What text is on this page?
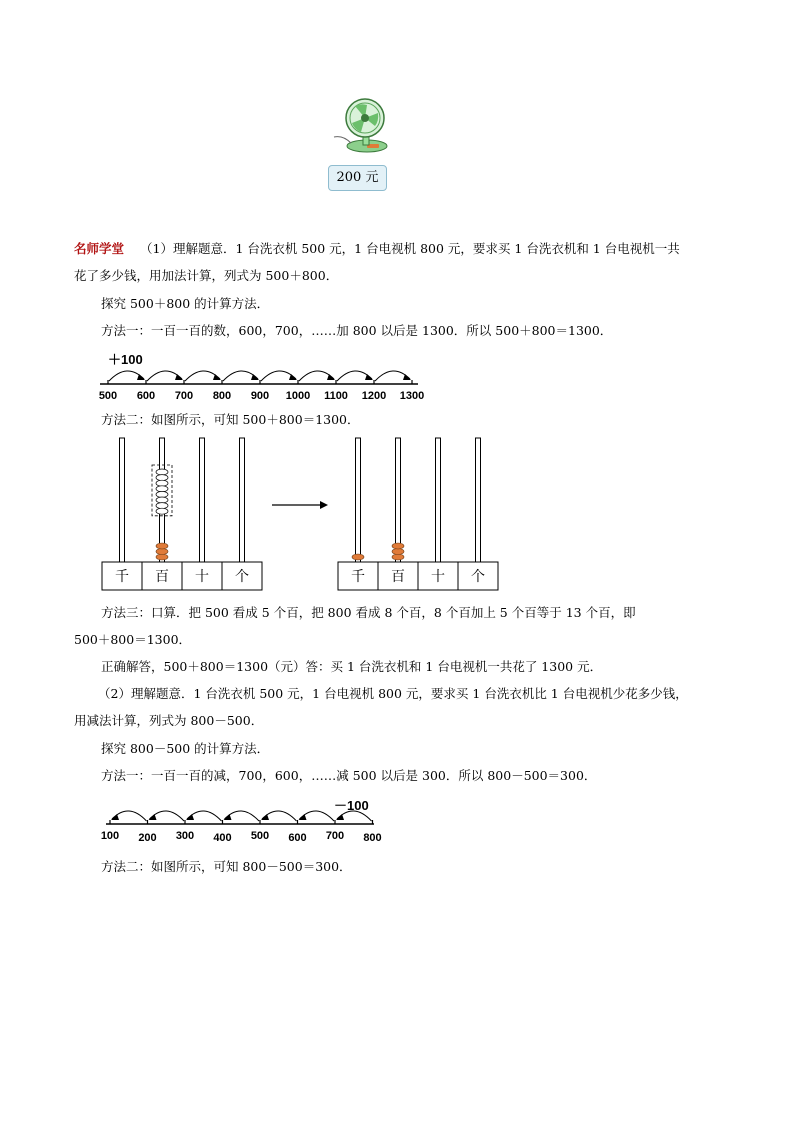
200 元
名师学堂 （1）理解题意．1 台洗衣机 500 元，1 台电视机 800 元，要求买 1 台洗衣机和 1 台电视机一共
花了多少钱，用加法计算，列式为 500＋800．
探究 500＋800 的计算方法．
方法一：一百一百的数，600，700，……加 800 以后是 1300．所以 500＋800＝1300．
500 600 700 800 900 1000 1100 1200 1300
＋100
方法二：如图所示，可知 500＋800＝1300．
千 百 十 个	千 百 十 个
方法三：口算．把 500 看成 5 个百，把 800 看成 8 个百，8 个百加上 5 个百等于 13 个百，即
500＋800＝1300．
正确解答，500＋800＝1300（元）答：买 1 台洗衣机和 1 台电视机一共花了 1300 元．
（2）理解题意．1 台洗衣机 500 元，1 台电视机 800 元，要求买 1 台洗衣机比 1 台电视机少花多少钱，
用减法计算，列式为 800－500．
探究 800－500 的计算方法．
方法一：一百一百的减，700，600，……减 500 以后是 300．所以 800－500＝300．
100 200 300 400 500 600 700 800
－100
方法二：如图所示，可知 800－500＝300．
